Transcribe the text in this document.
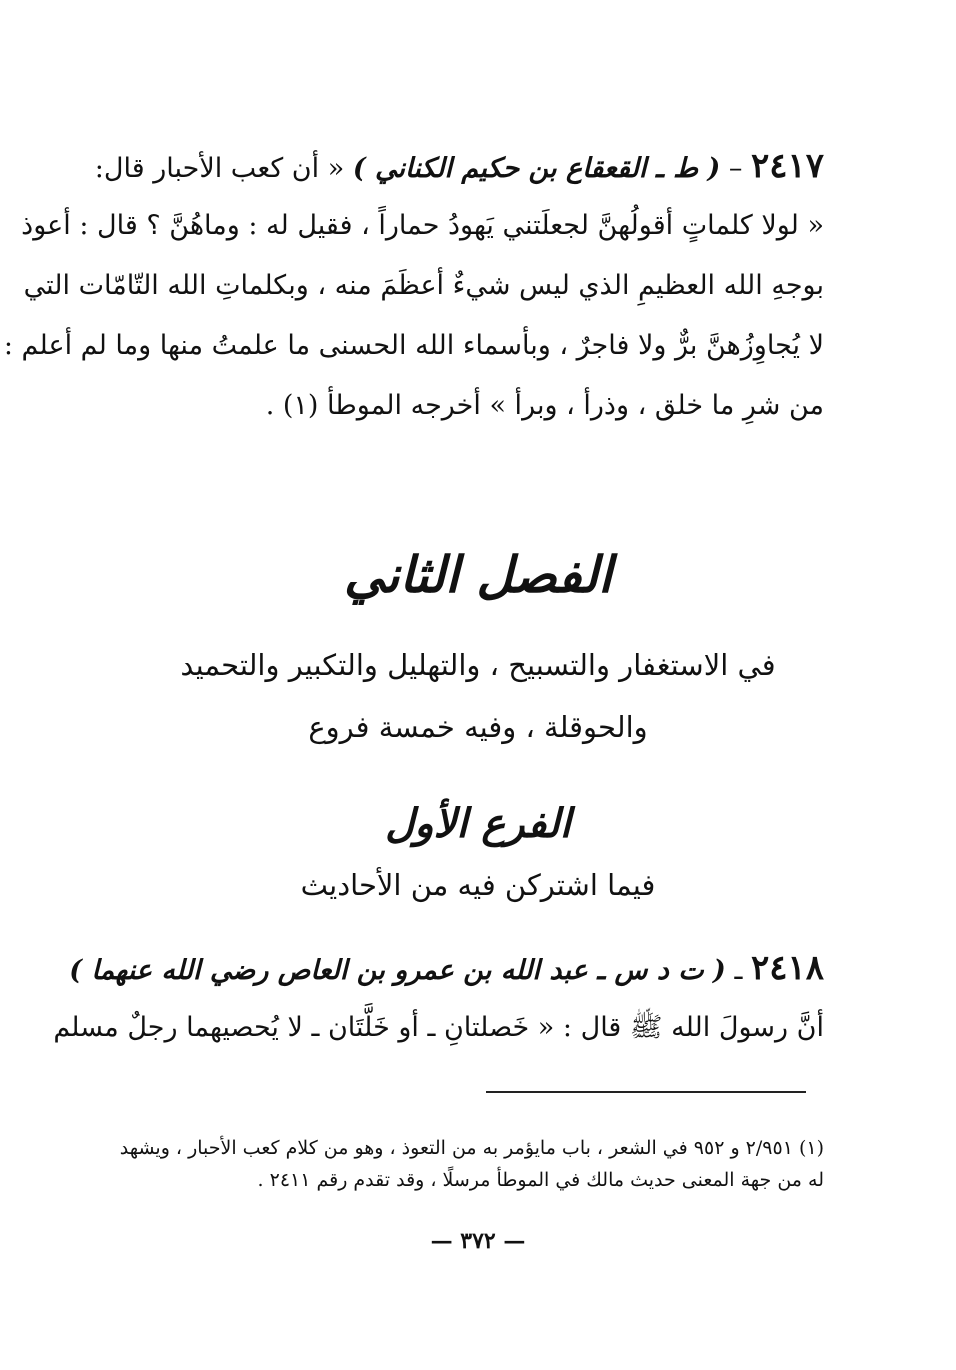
٢٤١٧ – ( ط ـ القعقاع بن حكيم الكناني ) « أن كعب الأحبار قال:
« لولا كلماتٍ أقولُهنَّ لجعلَتني يَهودُ حماراً ، فقيل له : وماهُنَّ ؟ قال : أعوذ
بوجهِ الله العظيمِ الذي ليس شيءٌ أعظَمَ منه ، وبكلماتِ الله التّامّات التي
لا يُجاوِزُهنَّ برٌّ ولا فاجرٌ ، وبأسماء الله الحسنى ما علمتُ منها وما لم أعلم :
من شرِ ما خلق ، وذرأ ، وبرأ » أخرجه الموطأ (١) .
الفصل الثاني
في الاستغفار والتسبيح ، والتهليل والتكبير والتحميد
والحوقلة ، وفيه خمسة فروع
الفرع الأول
فيما اشتركن فيه من الأحاديث
٢٤١٨ ـ ( ت د س ـ عبد الله بن عمرو بن العاص رضي الله عنهما )
أنَّ رسولَ الله ﷺ قال : « خَصلتانِ ـ أو خَلَّتَان ـ لا يُحصيهما رجلٌ مسلم
(١) ٢/٩٥١ و ٩٥٢ في الشعر ، باب مايؤمر به من التعوذ ، وهو من كلام كعب الأحبار ، ويشهد
له من جهة المعنى حديث مالك في الموطأ مرسلًا ، وقد تقدم رقم ٢٤١١ .
— ٣٧٢ —
